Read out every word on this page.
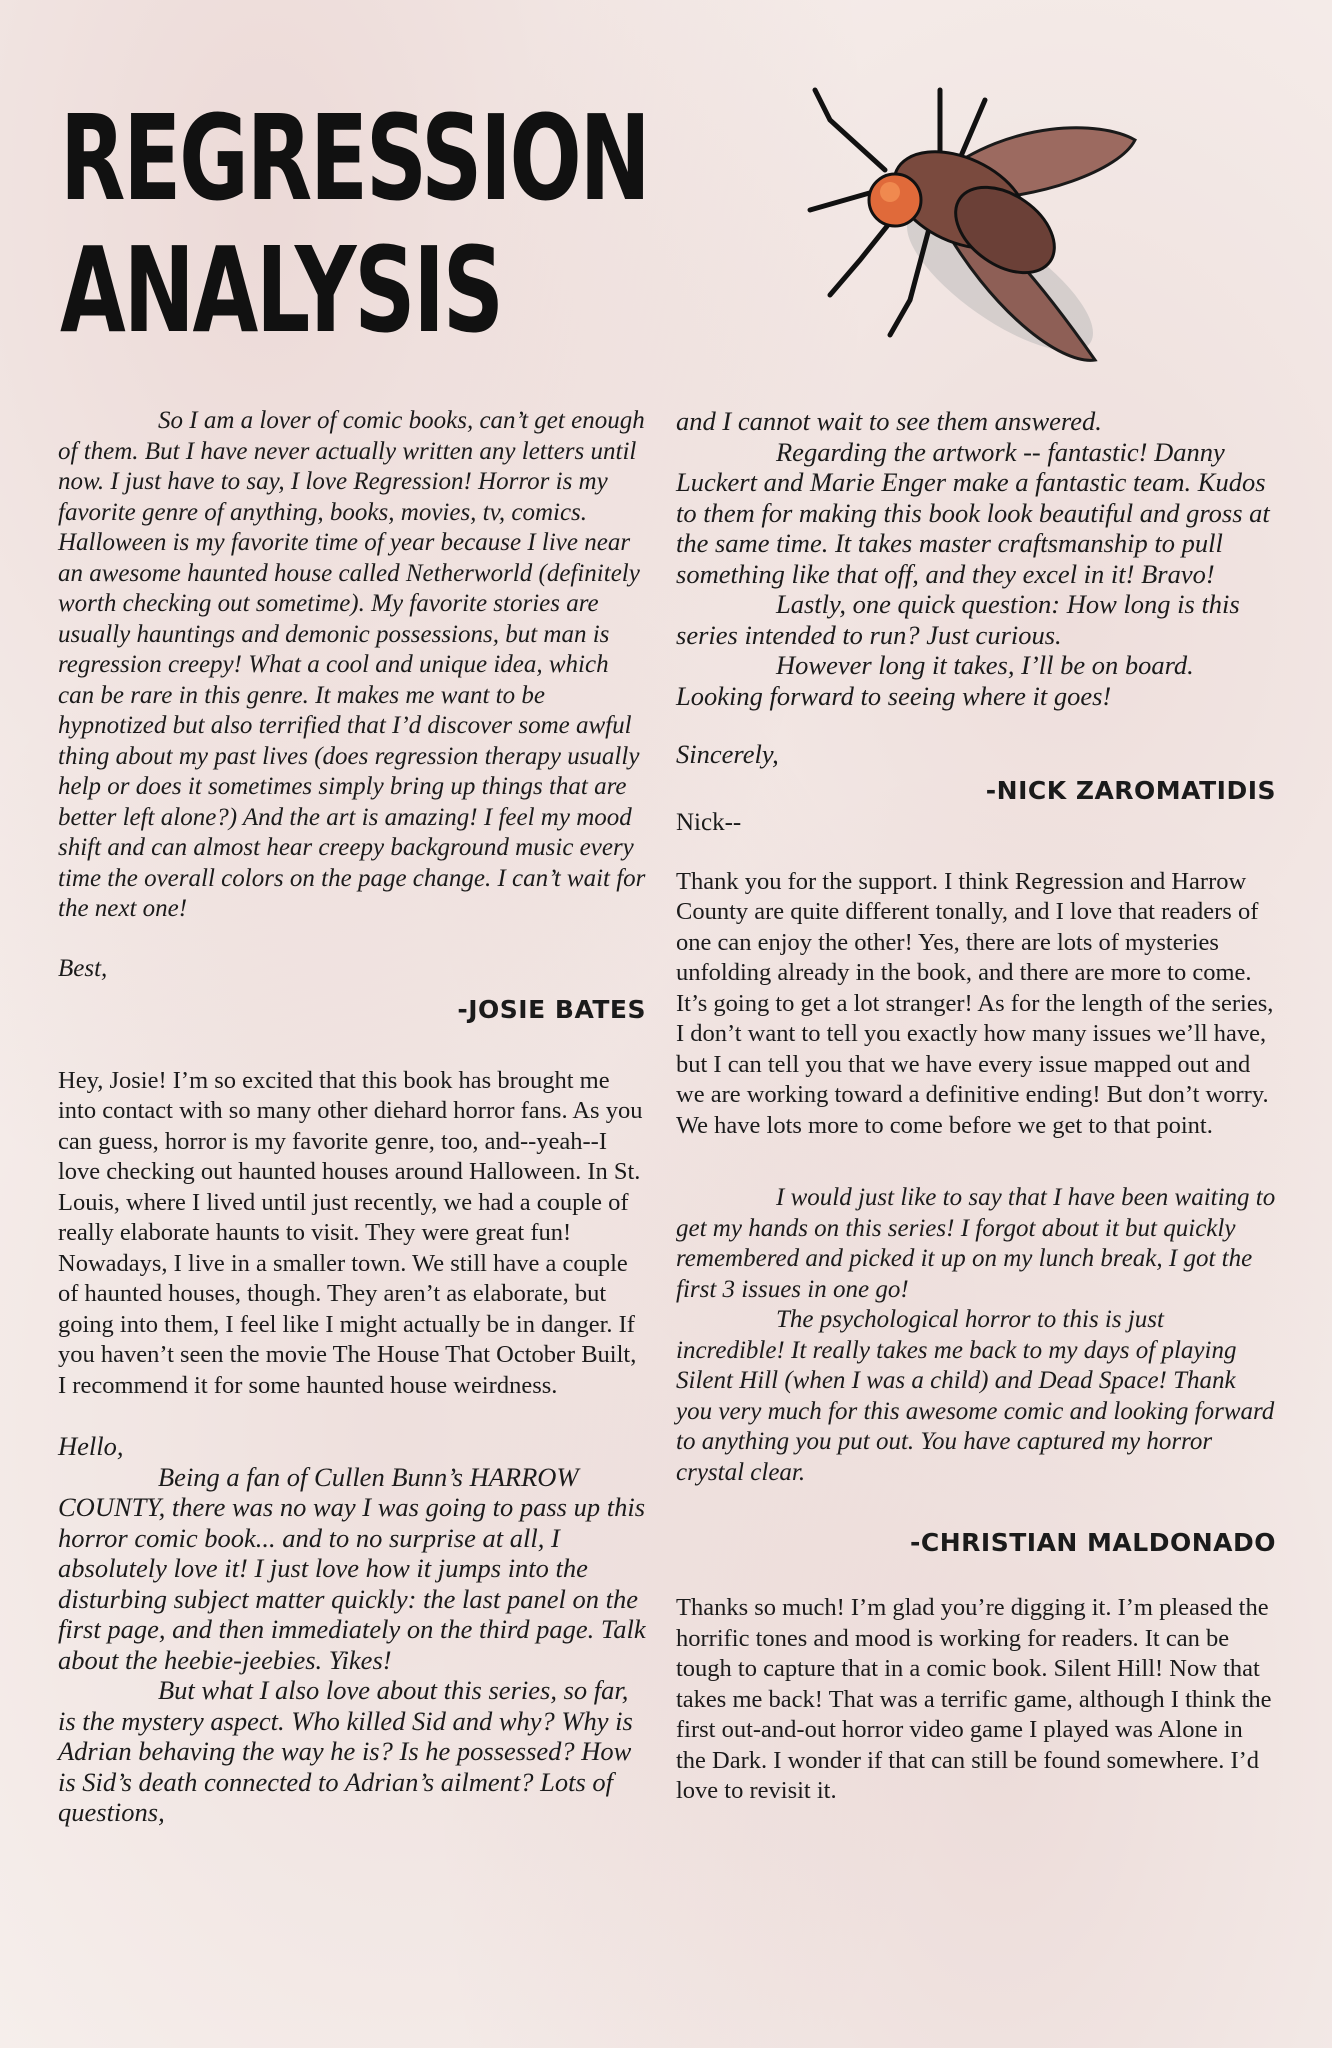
REGRESSION
ANALYSIS

So I am a lover of comic books, can’t get enough of them. But I have never actually written any letters until now. I just have to say, I love Regression! Horror is my favorite genre of anything, books, movies, tv, comics. Halloween is my favorite time of year because I live near an awesome haunted house called Netherworld (definitely worth checking out sometime). My favorite stories are usually hauntings and demonic possessions, but man is regression creepy! What a cool and unique idea, which can be rare in this genre. It makes me want to be hypnotized but also terrified that I’d discover some awful thing about my past lives (does regression therapy usually help or does it sometimes simply bring up things that are better left alone?) And the art is amazing! I feel my mood shift and can almost hear creepy background music every time the overall colors on the page change. I can’t wait for the next one!

Best,

-JOSIE BATES

Hey, Josie! I’m so excited that this book has brought me into contact with so many other diehard horror fans. As you can guess, horror is my favorite genre, too, and--yeah--I love checking out haunted houses around Halloween. In St. Louis, where I lived until just recently, we had a couple of really elaborate haunts to visit. They were great fun! Nowadays, I live in a smaller town. We still have a couple of haunted houses, though. They aren’t as elaborate, but going into them, I feel like I might actually be in danger. If you haven’t seen the movie The House That October Built, I recommend it for some haunted house weirdness.

Hello,

Being a fan of Cullen Bunn’s HARROW COUNTY, there was no way I was going to pass up this horror comic book... and to no surprise at all, I absolutely love it! I just love how it jumps into the disturbing subject matter quickly: the last panel on the first page, and then immediately on the third page. Talk about the heebie-jeebies. Yikes!

But what I also love about this series, so far, is the mystery aspect. Who killed Sid and why? Why is Adrian behaving the way he is? Is he possessed? How is Sid’s death connected to Adrian’s ailment? Lots of questions,

and I cannot wait to see them answered.

Regarding the artwork -- fantastic! Danny Luckert and Marie Enger make a fantastic team. Kudos to them for making this book look beautiful and gross at the same time. It takes master craftsmanship to pull something like that off, and they excel in it! Bravo!

Lastly, one quick question: How long is this series intended to run? Just curious.

However long it takes, I’ll be on board. Looking forward to seeing where it goes!

Sincerely,

-NICK ZAROMATIDIS

Nick--

Thank you for the support. I think Regression and Harrow County are quite different tonally, and I love that readers of one can enjoy the other! Yes, there are lots of mysteries unfolding already in the book, and there are more to come. It’s going to get a lot stranger! As for the length of the series, I don’t want to tell you exactly how many issues we’ll have, but I can tell you that we have every issue mapped out and we are working toward a definitive ending! But don’t worry. We have lots more to come before we get to that point.

I would just like to say that I have been waiting to get my hands on this series! I forgot about it but quickly remembered and picked it up on my lunch break, I got the first 3 issues in one go!

The psychological horror to this is just incredible! It really takes me back to my days of playing Silent Hill (when I was a child) and Dead Space! Thank you very much for this awesome comic and looking forward to anything you put out. You have captured my horror crystal clear.

-CHRISTIAN MALDONADO

Thanks so much! I’m glad you’re digging it. I’m pleased the horrific tones and mood is working for readers. It can be tough to capture that in a comic book. Silent Hill! Now that takes me back! That was a terrific game, although I think the first out-and-out horror video game I played was Alone in the Dark. I wonder if that can still be found somewhere. I’d love to revisit it.
